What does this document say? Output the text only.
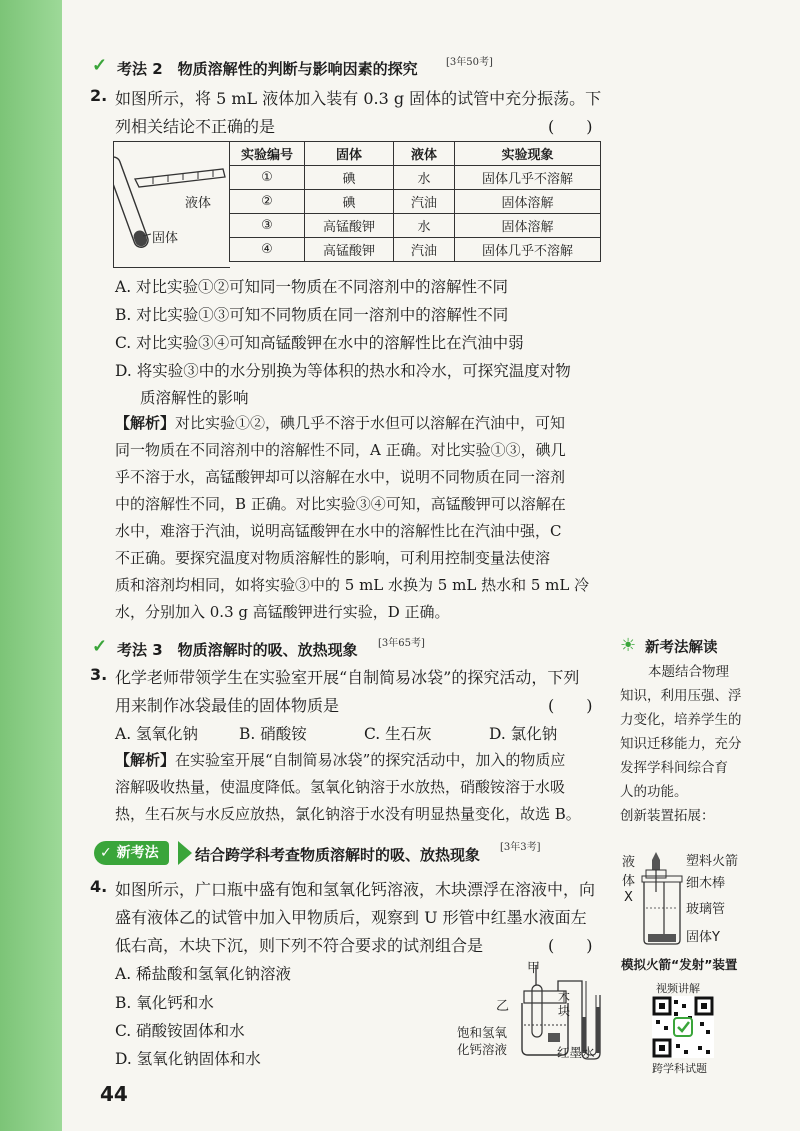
✓ 考法 2　物质溶解性的判断与影响因素的探究	[3年50考]
2. 如图所示，将 5 mL 液体加入装有 0.3 g 固体的试管中充分振荡。下
列相关结论不正确的是	(　　)
液体
固体
实验编号	固体	液体	实验现象
①	碘	水	固体几乎不溶解
②	碘	汽油	固体溶解
③	高锰酸钾	水	固体溶解
④	高锰酸钾	汽油	固体几乎不溶解
A. 对比实验①②可知同一物质在不同溶剂中的溶解性不同
B. 对比实验①③可知不同物质在同一溶剂中的溶解性不同
C. 对比实验③④可知高锰酸钾在水中的溶解性比在汽油中弱
D. 将实验③中的水分别换为等体积的热水和冷水，可探究温度对物
质溶解性的影响
【解析】对比实验①②，碘几乎不溶于水但可以溶解在汽油中，可知
同一物质在不同溶剂中的溶解性不同，A 正确。对比实验①③，碘几
乎不溶于水，高锰酸钾却可以溶解在水中，说明不同物质在同一溶剂
中的溶解性不同，B 正确。对比实验③④可知，高锰酸钾可以溶解在
水中，难溶于汽油，说明高锰酸钾在水中的溶解性比在汽油中强，C
不正确。要探究温度对物质溶解性的影响，可利用控制变量法使溶
质和溶剂均相同，如将实验③中的 5 mL 水换为 5 mL 热水和 5 mL 冷
水，分别加入 0.3 g 高锰酸钾进行实验，D 正确。
✓ 考法 3　物质溶解时的吸、放热现象 [3年65考]
3. 化学老师带领学生在实验室开展“自制简易冰袋”的探究活动，下列
用来制作冰袋最佳的固体物质是	(　　)
A. 氢氧化钠	B. 硝酸铵	C. 生石灰	D. 氯化钠
【解析】在实验室开展“自制简易冰袋”的探究活动中，加入的物质应
溶解吸收热量，使温度降低。氢氧化钠溶于水放热，硝酸铵溶于水吸
热，生石灰与水反应放热，氯化钠溶于水没有明显热量变化，故选 B。
✓ 新考法	结合跨学科考查物质溶解时的吸、放热现象 [3年3考]
4. 如图所示，广口瓶中盛有饱和氢氧化钙溶液，木块漂浮在溶液中，向
盛有液体乙的试管中加入甲物质后，观察到 U 形管中红墨水液面左
低右高，木块下沉，则下列不符合要求的试剂组合是	(　　)
A. 稀盐酸和氢氧化钠溶液
B. 氧化钙和水
C. 硝酸铵固体和水
D. 氢氧化钠固体和水
甲
乙
木块
饱和氢氧
化钙溶液	红墨水
☀ 新考法解读
本题结合物理
知识，利用压强、浮
力变化，培养学生的
知识迁移能力，充分
发挥学科间综合育
人的功能。
创新装置拓展：
液
体
X
塑料火箭
细木棒
玻璃管
固体Y
模拟火箭“发射”装置
视频讲解
跨学科试题
44
